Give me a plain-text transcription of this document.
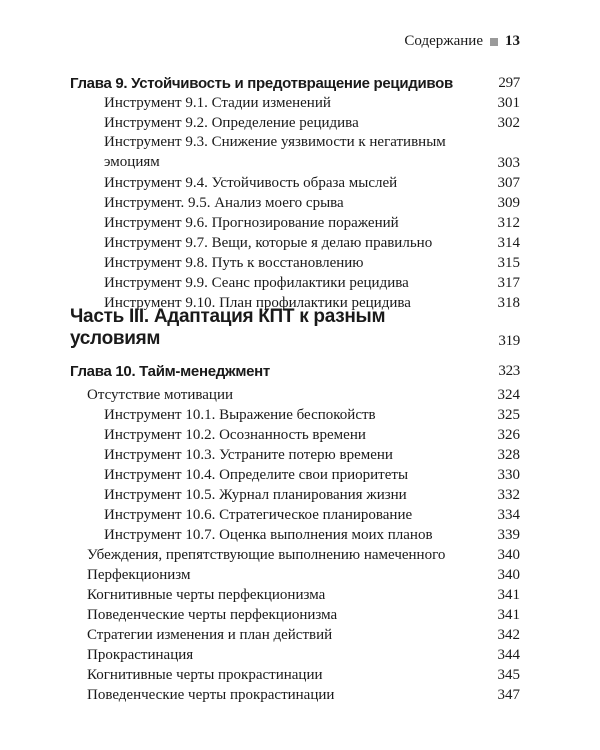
Содержание 13
Глава 9. Устойчивость и предотвращение рецидивов	297
Инструмент 9.1. Стадии изменений	301
Инструмент 9.2. Определение рецидива	302
Инструмент 9.3. Снижение уязвимости к негативным эмоциям	303
Инструмент 9.4. Устойчивость образа мыслей	307
Инструмент. 9.5. Анализ моего срыва	309
Инструмент 9.6. Прогнозирование поражений	312
Инструмент 9.7. Вещи, которые я делаю правильно	314
Инструмент 9.8. Путь к восстановлению	315
Инструмент 9.9. Сеанс профилактики рецидива	317
Инструмент 9.10. План профилактики рецидива	318
Часть III. Адаптация КПТ к разным условиям	319
Глава 10. Тайм-менеджмент	323
Отсутствие мотивации	324
Инструмент 10.1. Выражение беспокойств	325
Инструмент 10.2. Осознанность времени	326
Инструмент 10.3. Устраните потерю времени	328
Инструмент 10.4. Определите свои приоритеты	330
Инструмент 10.5. Журнал планирования жизни	332
Инструмент 10.6. Стратегическое планирование	334
Инструмент 10.7. Оценка выполнения моих планов	339
Убеждения, препятствующие выполнению намеченного	340
Перфекционизм	340
Когнитивные черты перфекционизма	341
Поведенческие черты перфекционизма	341
Стратегии изменения и план действий	342
Прокрастинация	344
Когнитивные черты прокрастинации	345
Поведенческие черты прокрастинации	347
